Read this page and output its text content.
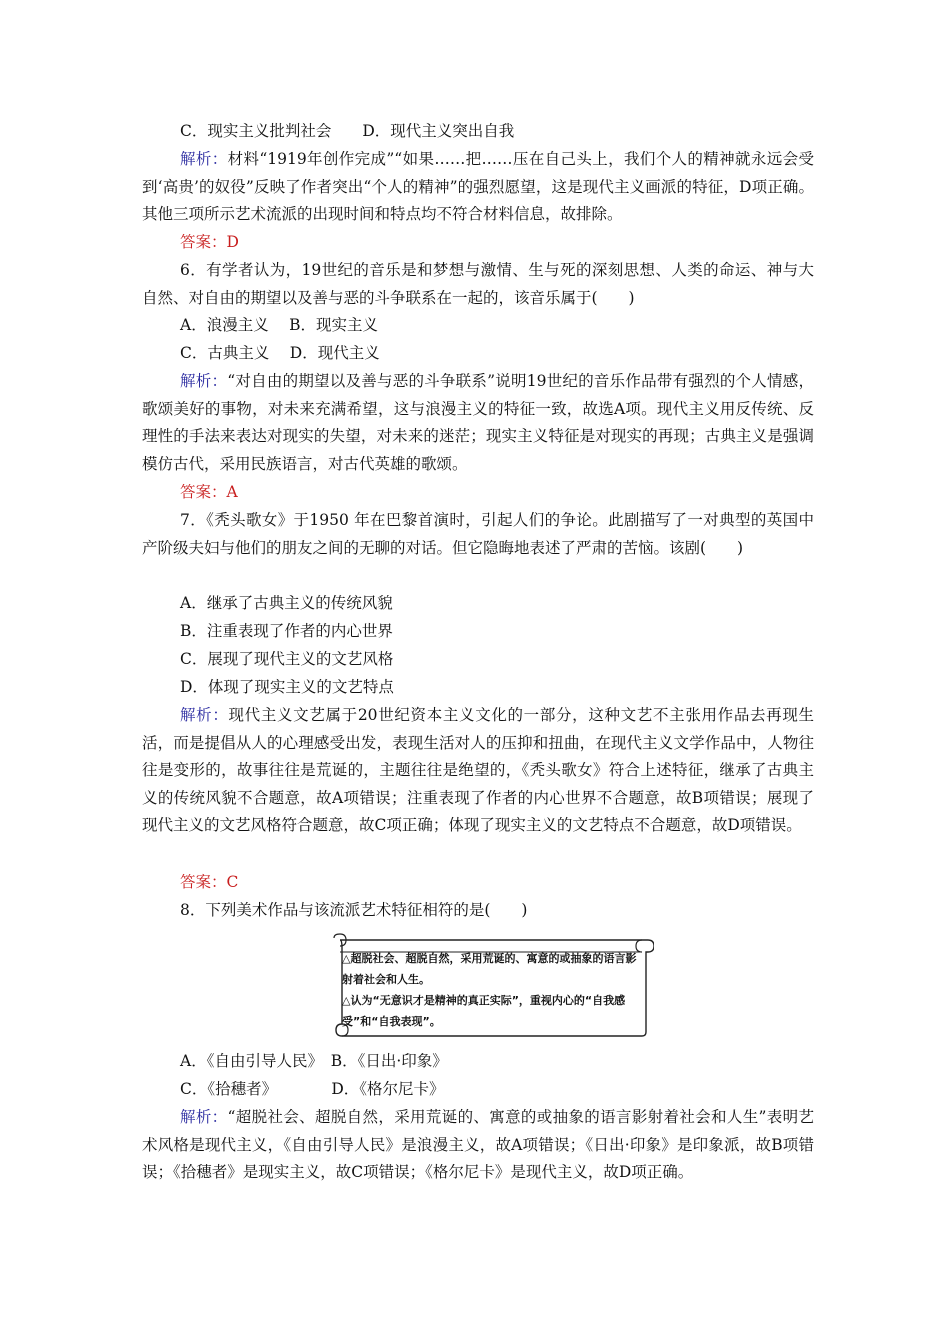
C．现实主义批判社会　　D．现代主义突出自我

解析：材料“1919年创作完成”“如果……把……压在自己头上，我们个人的精神就永远会受到‘高贵’的奴役”反映了作者突出“个人的精神”的强烈愿望，这是现代主义画派的特征，D项正确。其他三项所示艺术流派的出现时间和特点均不符合材料信息，故排除。

答案：D

6．有学者认为，19世纪的音乐是和梦想与激情、生与死的深刻思想、人类的命运、神与大自然、对自由的期望以及善与恶的斗争联系在一起的，该音乐属于(　　)

A．浪漫主义　 B．现实主义
C．古典主义　 D．现代主义

解析：“对自由的期望以及善与恶的斗争联系”说明19世纪的音乐作品带有强烈的个人情感，歌颂美好的事物，对未来充满希望，这与浪漫主义的特征一致，故选A项。现代主义用反传统、反理性的手法来表达对现实的失望，对未来的迷茫；现实主义特征是对现实的再现；古典主义是强调模仿古代，采用民族语言，对古代英雄的歌颂。

答案：A

7．《秃头歌女》于1950 年在巴黎首演时，引起人们的争论。此剧描写了一对典型的英国中产阶级夫妇与他们的朋友之间的无聊的对话。但它隐晦地表述了严肃的苦恼。该剧(　　)

A．继承了古典主义的传统风貌
B．注重表现了作者的内心世界
C．展现了现代主义的文艺风格
D．体现了现实主义的文艺特点

解析：现代主义文艺属于20世纪资本主义文化的一部分，这种文艺不主张用作品去再现生活，而是提倡从人的心理感受出发，表现生活对人的压抑和扭曲，在现代主义文学作品中，人物往往是变形的，故事往往是荒诞的，主题往往是绝望的，《秃头歌女》符合上述特征，继承了古典主义的传统风貌不合题意，故A项错误；注重表现了作者的内心世界不合题意，故B项错误；展现了现代主义的文艺风格符合题意，故C项正确；体现了现实主义的文艺特点不合题意，故D项错误。

答案：C
8．下列美术作品与该流派艺术特征相符的是(　　)
△超脱社会、超脱自然，采用荒诞的、寓意的或抽象的语言影射着社会和人生。
△认为“无意识才是精神的真正实际”，重视内心的“自我感受”和“自我表现”。
A．《自由引导人民》　B．《日出·印象》
C．《拾穗者》　　　　D．《格尔尼卡》

解析：“超脱社会、超脱自然，采用荒诞的、寓意的或抽象的语言影射着社会和人生”表明艺术风格是现代主义，《自由引导人民》是浪漫主义，故A项错误；《日出·印象》是印象派，故B项错误；《拾穗者》是现实主义，故C项错误；《格尔尼卡》是现代主义，故D项正确。
